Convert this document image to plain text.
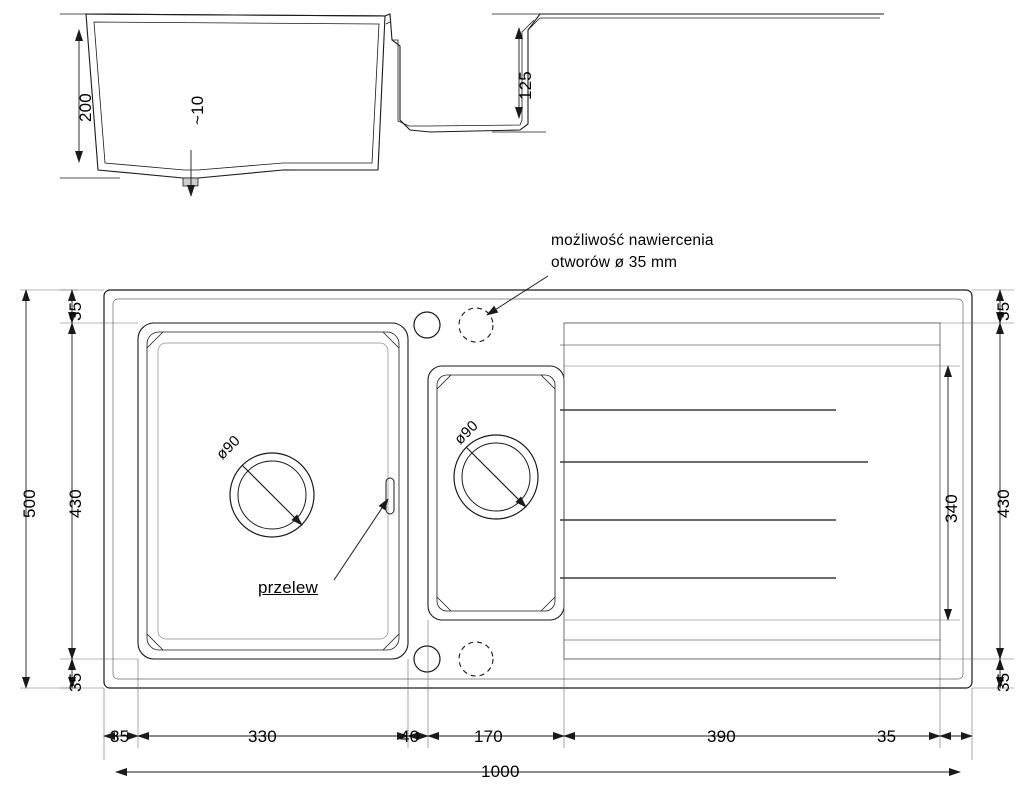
200	~10
125
możliwość nawiercenia
otworów ø 35 mm
ø90	ø90
przelew
500
35
430
35
35
430
35
340
35	330	40	170	390	35
1000
